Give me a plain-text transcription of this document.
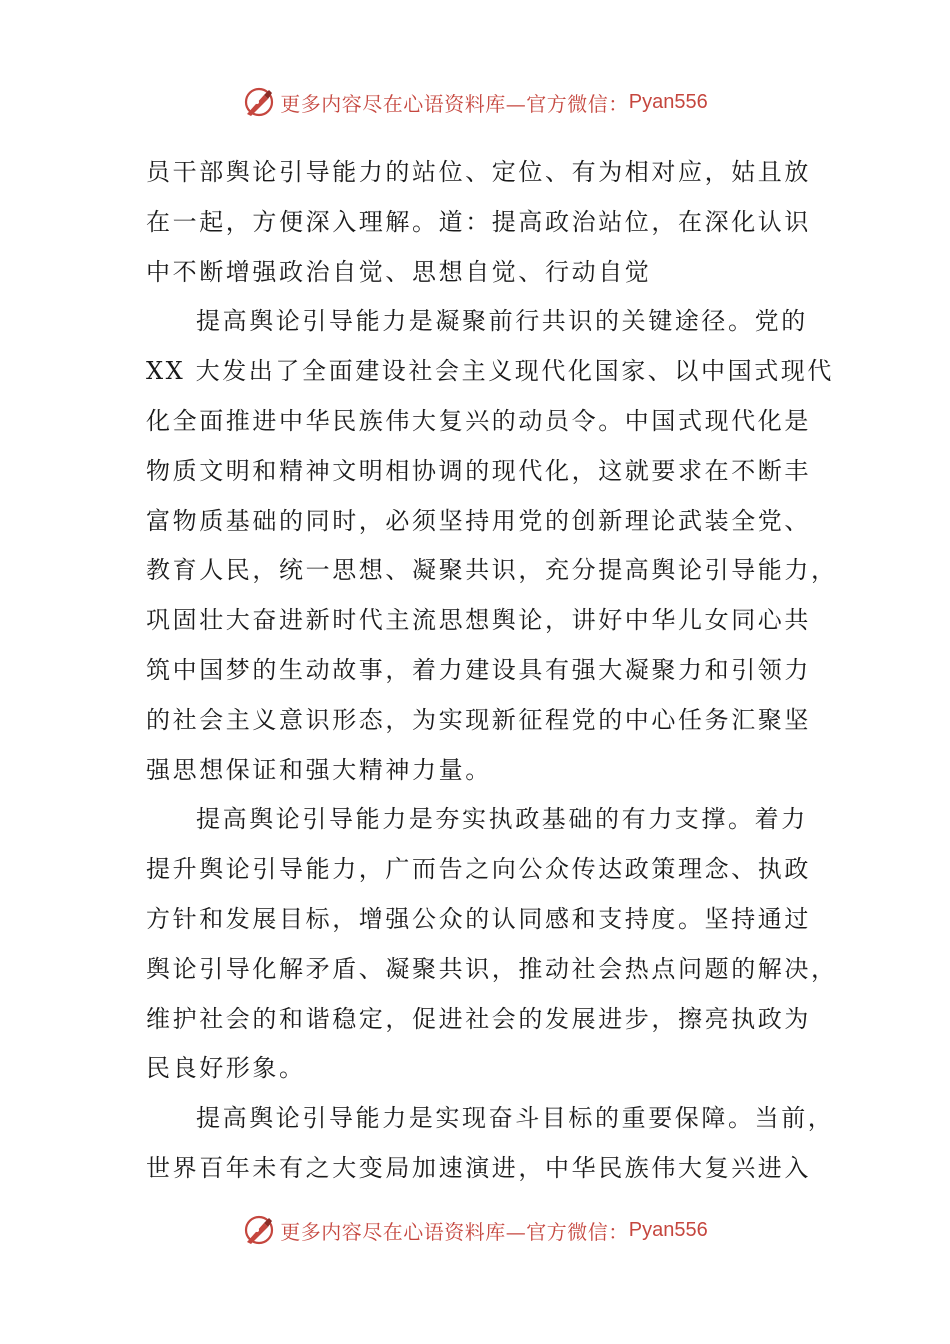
更多内容尽在心语资料库—官方微信： Pyan556
员干部舆论引导能力的站位、定位、有为相对应，姑且放
在一起，方便深入理解。道：提高政治站位，在深化认识
中不断增强政治自觉、思想自觉、行动自觉
提高舆论引导能力是凝聚前行共识的关键途径。党的
XX 大发出了全面建设社会主义现代化国家、以中国式现代
化全面推进中华民族伟大复兴的动员令。中国式现代化是
物质文明和精神文明相协调的现代化，这就要求在不断丰
富物质基础的同时，必须坚持用党的创新理论武装全党、
教育人民，统一思想、凝聚共识，充分提高舆论引导能力，
巩固壮大奋进新时代主流思想舆论，讲好中华儿女同心共
筑中国梦的生动故事，着力建设具有强大凝聚力和引领力
的社会主义意识形态，为实现新征程党的中心任务汇聚坚
强思想保证和强大精神力量。
提高舆论引导能力是夯实执政基础的有力支撑。着力
提升舆论引导能力，广而告之向公众传达政策理念、执政
方针和发展目标，增强公众的认同感和支持度。坚持通过
舆论引导化解矛盾、凝聚共识，推动社会热点问题的解决，
维护社会的和谐稳定，促进社会的发展进步，擦亮执政为
民良好形象。
提高舆论引导能力是实现奋斗目标的重要保障。当前，
世界百年未有之大变局加速演进，中华民族伟大复兴进入
更多内容尽在心语资料库—官方微信： Pyan556
